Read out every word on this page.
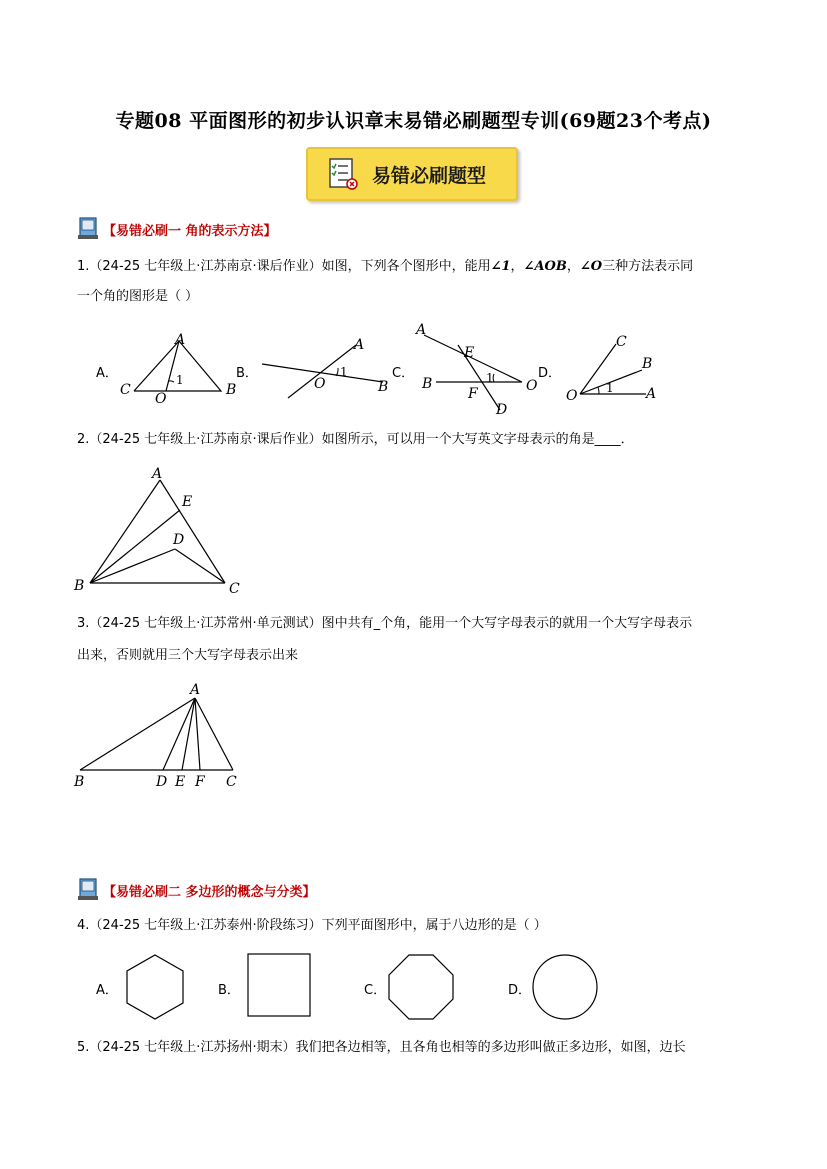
专题08 平面图形的初步认识章末易错必刷题型专训(69题23个考点)
易错必刷题型
【易错必刷一 角的表示方法】
1.（24-25 七年级上·江苏南京·课后作业）如图，下列各个图形中，能用∠1，∠AOB，∠O三种方法表示同
一个角的图形是（ ）
A．
A
C
O
B
1	B．
A
O	B
1	C．
A
E
B
F	O
D
1	D．
C
B
O	A
1
2.（24-25 七年级上·江苏南京·课后作业）如图所示，可以用一个大写英文字母表示的角是____．
A
E
D
B	C
3.（24-25 七年级上·江苏常州·单元测试）图中共有_个角，能用一个大写字母表示的就用一个大写字母表示
出来，否则就用三个大写字母表示出来
A
B	D E F C
【易错必刷二 多边形的概念与分类】
4.（24-25 七年级上·江苏泰州·阶段练习）下列平面图形中，属于八边形的是（ ）
A．	B．	C．	D．
5.（24-25 七年级上·江苏扬州·期末）我们把各边相等，且各角也相等的多边形叫做正多边形，如图，边长
